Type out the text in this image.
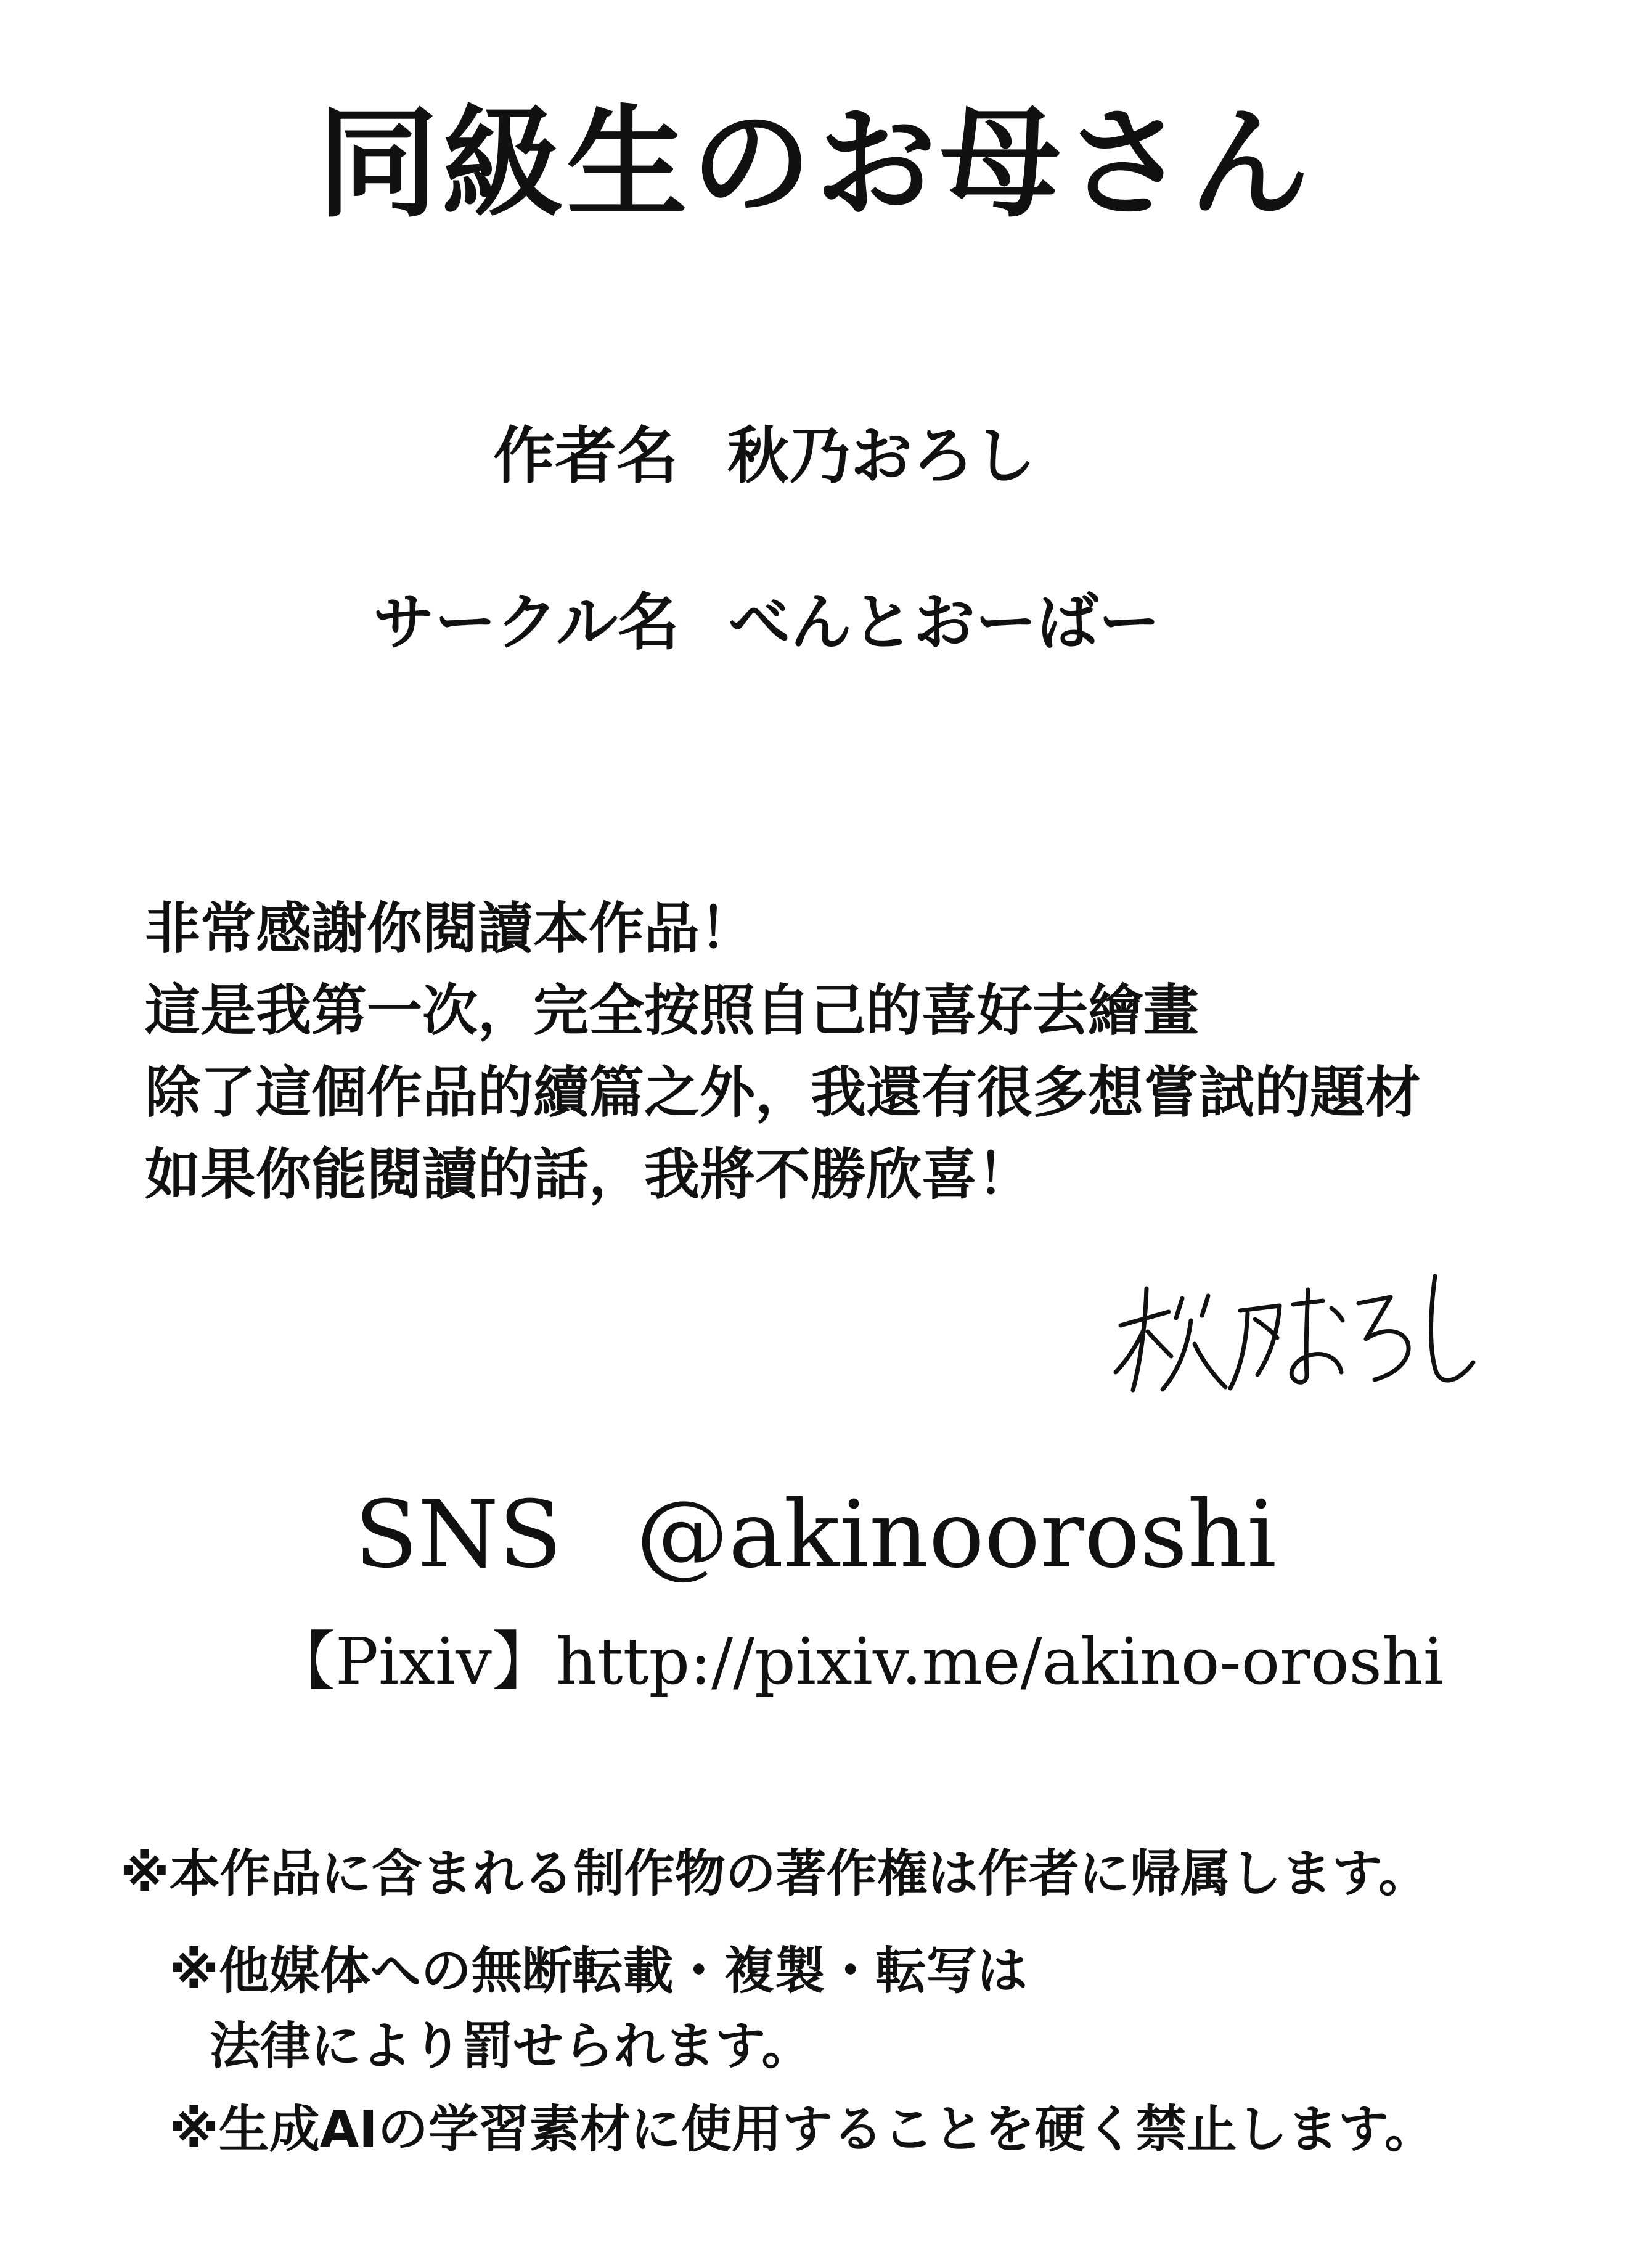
同級生のお母さん
作者名 秋乃おろし
サークル名 べんとおーばー

非常感謝你閱讀本作品！

這是我第一次，完全按照自己的喜好去繪畫

除了這個作品的續篇之外，我還有很多想嘗試的題材

如果你能閱讀的話，我將不勝欣喜！

SNS @akinooroshi
【Pixiv】http://pixiv.me/akino-oroshi

※本作品に含まれる制作物の著作権は作者に帰属します。

※他媒体への無断転載・複製・転写は

法律により罰せられます。

※生成AIの学習素材に使用することを硬く禁止します。
